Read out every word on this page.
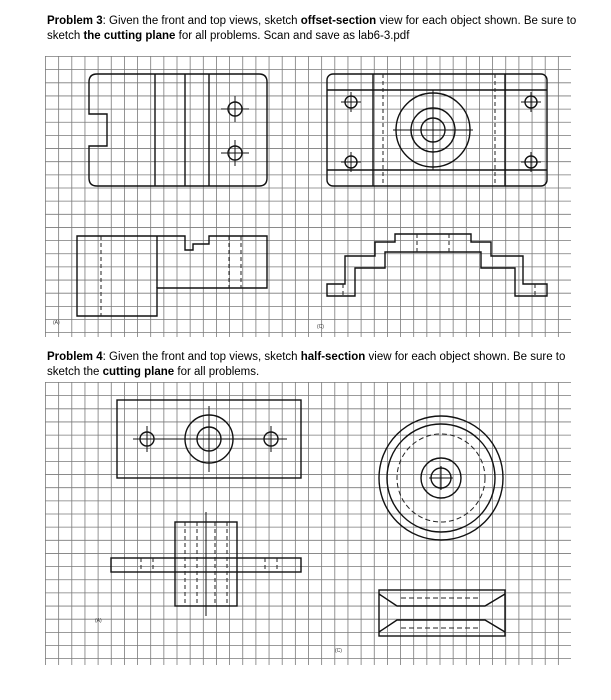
Problem 3: Given the front and top views, sketch offset-section view for each object shown. Be sure to sketch the cutting plane for all problems. Scan and save as lab6-3.pdf
(A)
(C)
Problem 4: Given the front and top views, sketch half-section view for each object shown. Be sure to sketch the cutting plane for all problems.
(A)
(C)
